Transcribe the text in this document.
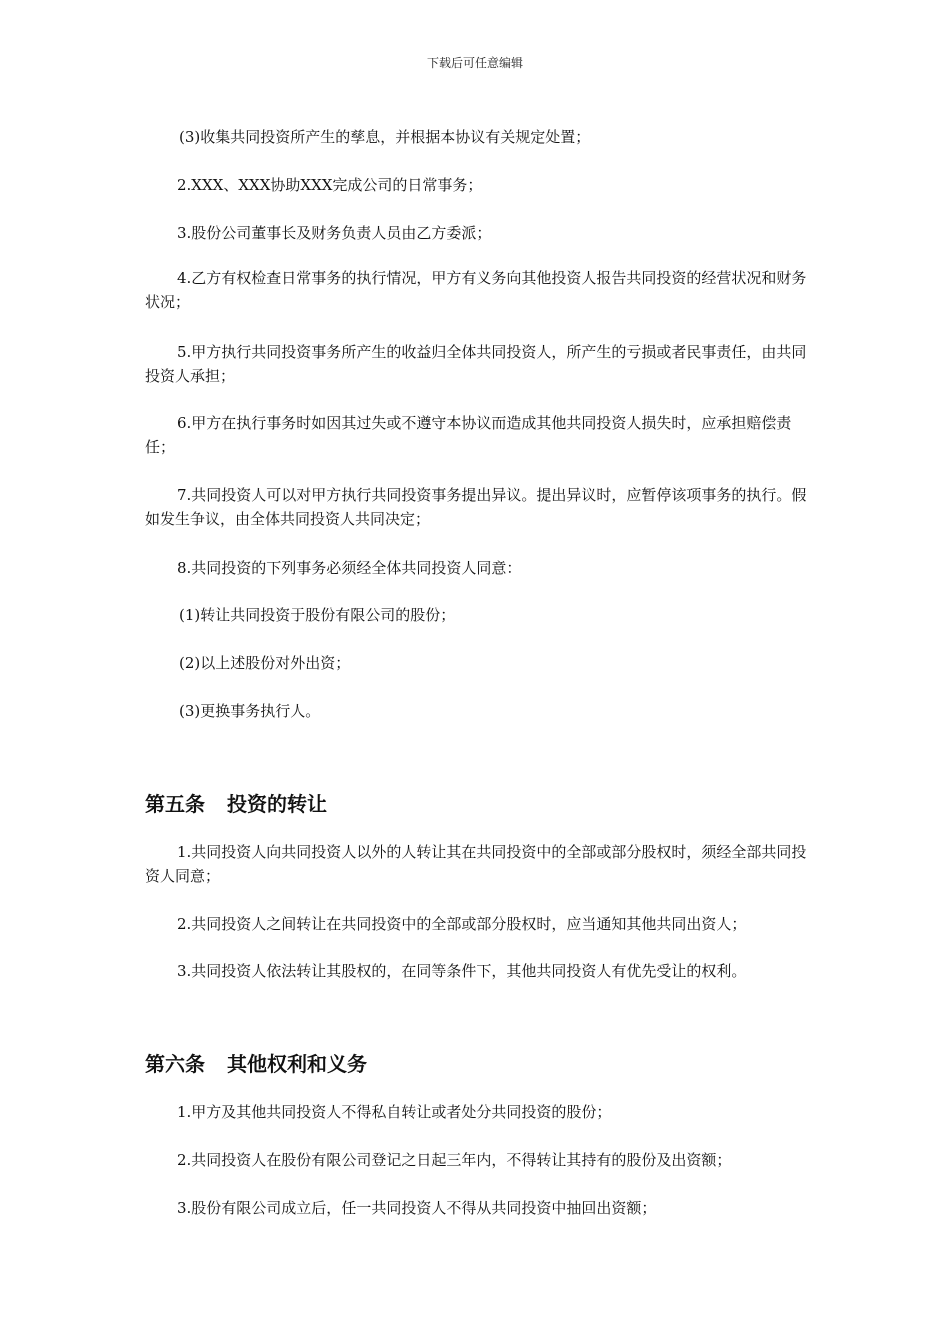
下载后可任意编辑
(3)收集共同投资所产生的孳息，并根据本协议有关规定处置；
2.XXX、XXX协助XXX完成公司的日常事务；
3.股份公司董事长及财务负责人员由乙方委派；
4.乙方有权检查日常事务的执行情况，甲方有义务向其他投资人报告共同投资的经营状况和财务状况；
5.甲方执行共同投资事务所产生的收益归全体共同投资人，所产生的亏损或者民事责任，由共同投资人承担；
6.甲方在执行事务时如因其过失或不遵守本协议而造成其他共同投资人损失时，应承担赔偿责任；
7.共同投资人可以对甲方执行共同投资事务提出异议。提出异议时，应暂停该项事务的执行。假如发生争议，由全体共同投资人共同决定；
8.共同投资的下列事务必须经全体共同投资人同意：
(1)转让共同投资于股份有限公司的股份；
(2)以上述股份对外出资；
(3)更换事务执行人。
第五条 投资的转让
1.共同投资人向共同投资人以外的人转让其在共同投资中的全部或部分股权时，须经全部共同投资人同意；
2.共同投资人之间转让在共同投资中的全部或部分股权时，应当通知其他共同出资人；
3.共同投资人依法转让其股权的，在同等条件下，其他共同投资人有优先受让的权利。
第六条 其他权利和义务
1.甲方及其他共同投资人不得私自转让或者处分共同投资的股份；
2.共同投资人在股份有限公司登记之日起三年内，不得转让其持有的股份及出资额；
3.股份有限公司成立后，任一共同投资人不得从共同投资中抽回出资额；
